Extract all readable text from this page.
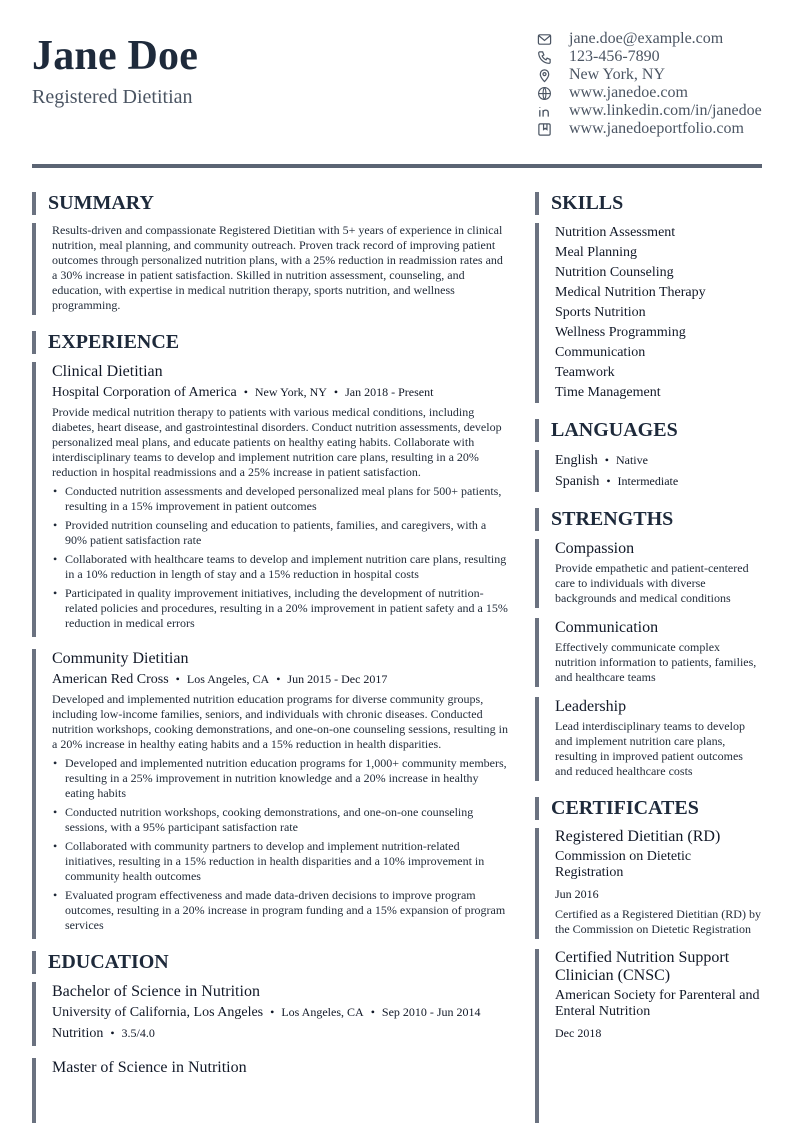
Jane Doe
Registered Dietitian
jane.doe@example.com
123-456-7890
New York, NY
www.janedoe.com
www.linkedin.com/in/janedoe
www.janedoeportfolio.com
SUMMARY
Results-driven and compassionate Registered Dietitian with 5+ years of experience in clinical nutrition, meal planning, and community outreach. Proven track record of improving patient outcomes through personalized nutrition plans, with a 25% reduction in readmission rates and a 30% increase in patient satisfaction. Skilled in nutrition assessment, counseling, and education, with expertise in medical nutrition therapy, sports nutrition, and wellness programming.
EXPERIENCE
Clinical Dietitian
Hospital Corporation of America • New York, NY • Jan 2018 - Present
Provide medical nutrition therapy to patients with various medical conditions, including diabetes, heart disease, and gastrointestinal disorders. Conduct nutrition assessments, develop personalized meal plans, and educate patients on healthy eating habits. Collaborate with interdisciplinary teams to develop and implement nutrition care plans, resulting in a 20% reduction in hospital readmissions and a 25% increase in patient satisfaction.
• Conducted nutrition assessments and developed personalized meal plans for 500+ patients, resulting in a 15% improvement in patient outcomes
• Provided nutrition counseling and education to patients, families, and caregivers, with a 90% patient satisfaction rate
• Collaborated with healthcare teams to develop and implement nutrition care plans, resulting in a 10% reduction in length of stay and a 15% reduction in hospital costs
• Participated in quality improvement initiatives, including the development of nutrition-related policies and procedures, resulting in a 20% improvement in patient safety and a 15% reduction in medical errors
Community Dietitian
American Red Cross • Los Angeles, CA • Jun 2015 - Dec 2017
Developed and implemented nutrition education programs for diverse community groups, including low-income families, seniors, and individuals with chronic diseases. Conducted nutrition workshops, cooking demonstrations, and one-on-one counseling sessions, resulting in a 20% increase in healthy eating habits and a 15% reduction in health disparities.
• Developed and implemented nutrition education programs for 1,000+ community members, resulting in a 25% improvement in nutrition knowledge and a 20% increase in healthy eating habits
• Conducted nutrition workshops, cooking demonstrations, and one-on-one counseling sessions, with a 95% participant satisfaction rate
• Collaborated with community partners to develop and implement nutrition-related initiatives, resulting in a 15% reduction in health disparities and a 10% improvement in community health outcomes
• Evaluated program effectiveness and made data-driven decisions to improve program outcomes, resulting in a 20% increase in program funding and a 15% expansion of program services
EDUCATION
Bachelor of Science in Nutrition
University of California, Los Angeles • Los Angeles, CA • Sep 2010 - Jun 2014
Nutrition • 3.5/4.0
Master of Science in Nutrition
SKILLS
Nutrition Assessment
Meal Planning
Nutrition Counseling
Medical Nutrition Therapy
Sports Nutrition
Wellness Programming
Communication
Teamwork
Time Management
LANGUAGES
English • Native
Spanish • Intermediate
STRENGTHS
Compassion
Provide empathetic and patient-centered care to individuals with diverse backgrounds and medical conditions
Communication
Effectively communicate complex nutrition information to patients, families, and healthcare teams
Leadership
Lead interdisciplinary teams to develop and implement nutrition care plans, resulting in improved patient outcomes and reduced healthcare costs
CERTIFICATES
Registered Dietitian (RD)
Commission on Dietetic Registration
Jun 2016
Certified as a Registered Dietitian (RD) by the Commission on Dietetic Registration
Certified Nutrition Support Clinician (CNSC)
American Society for Parenteral and Enteral Nutrition
Dec 2018
